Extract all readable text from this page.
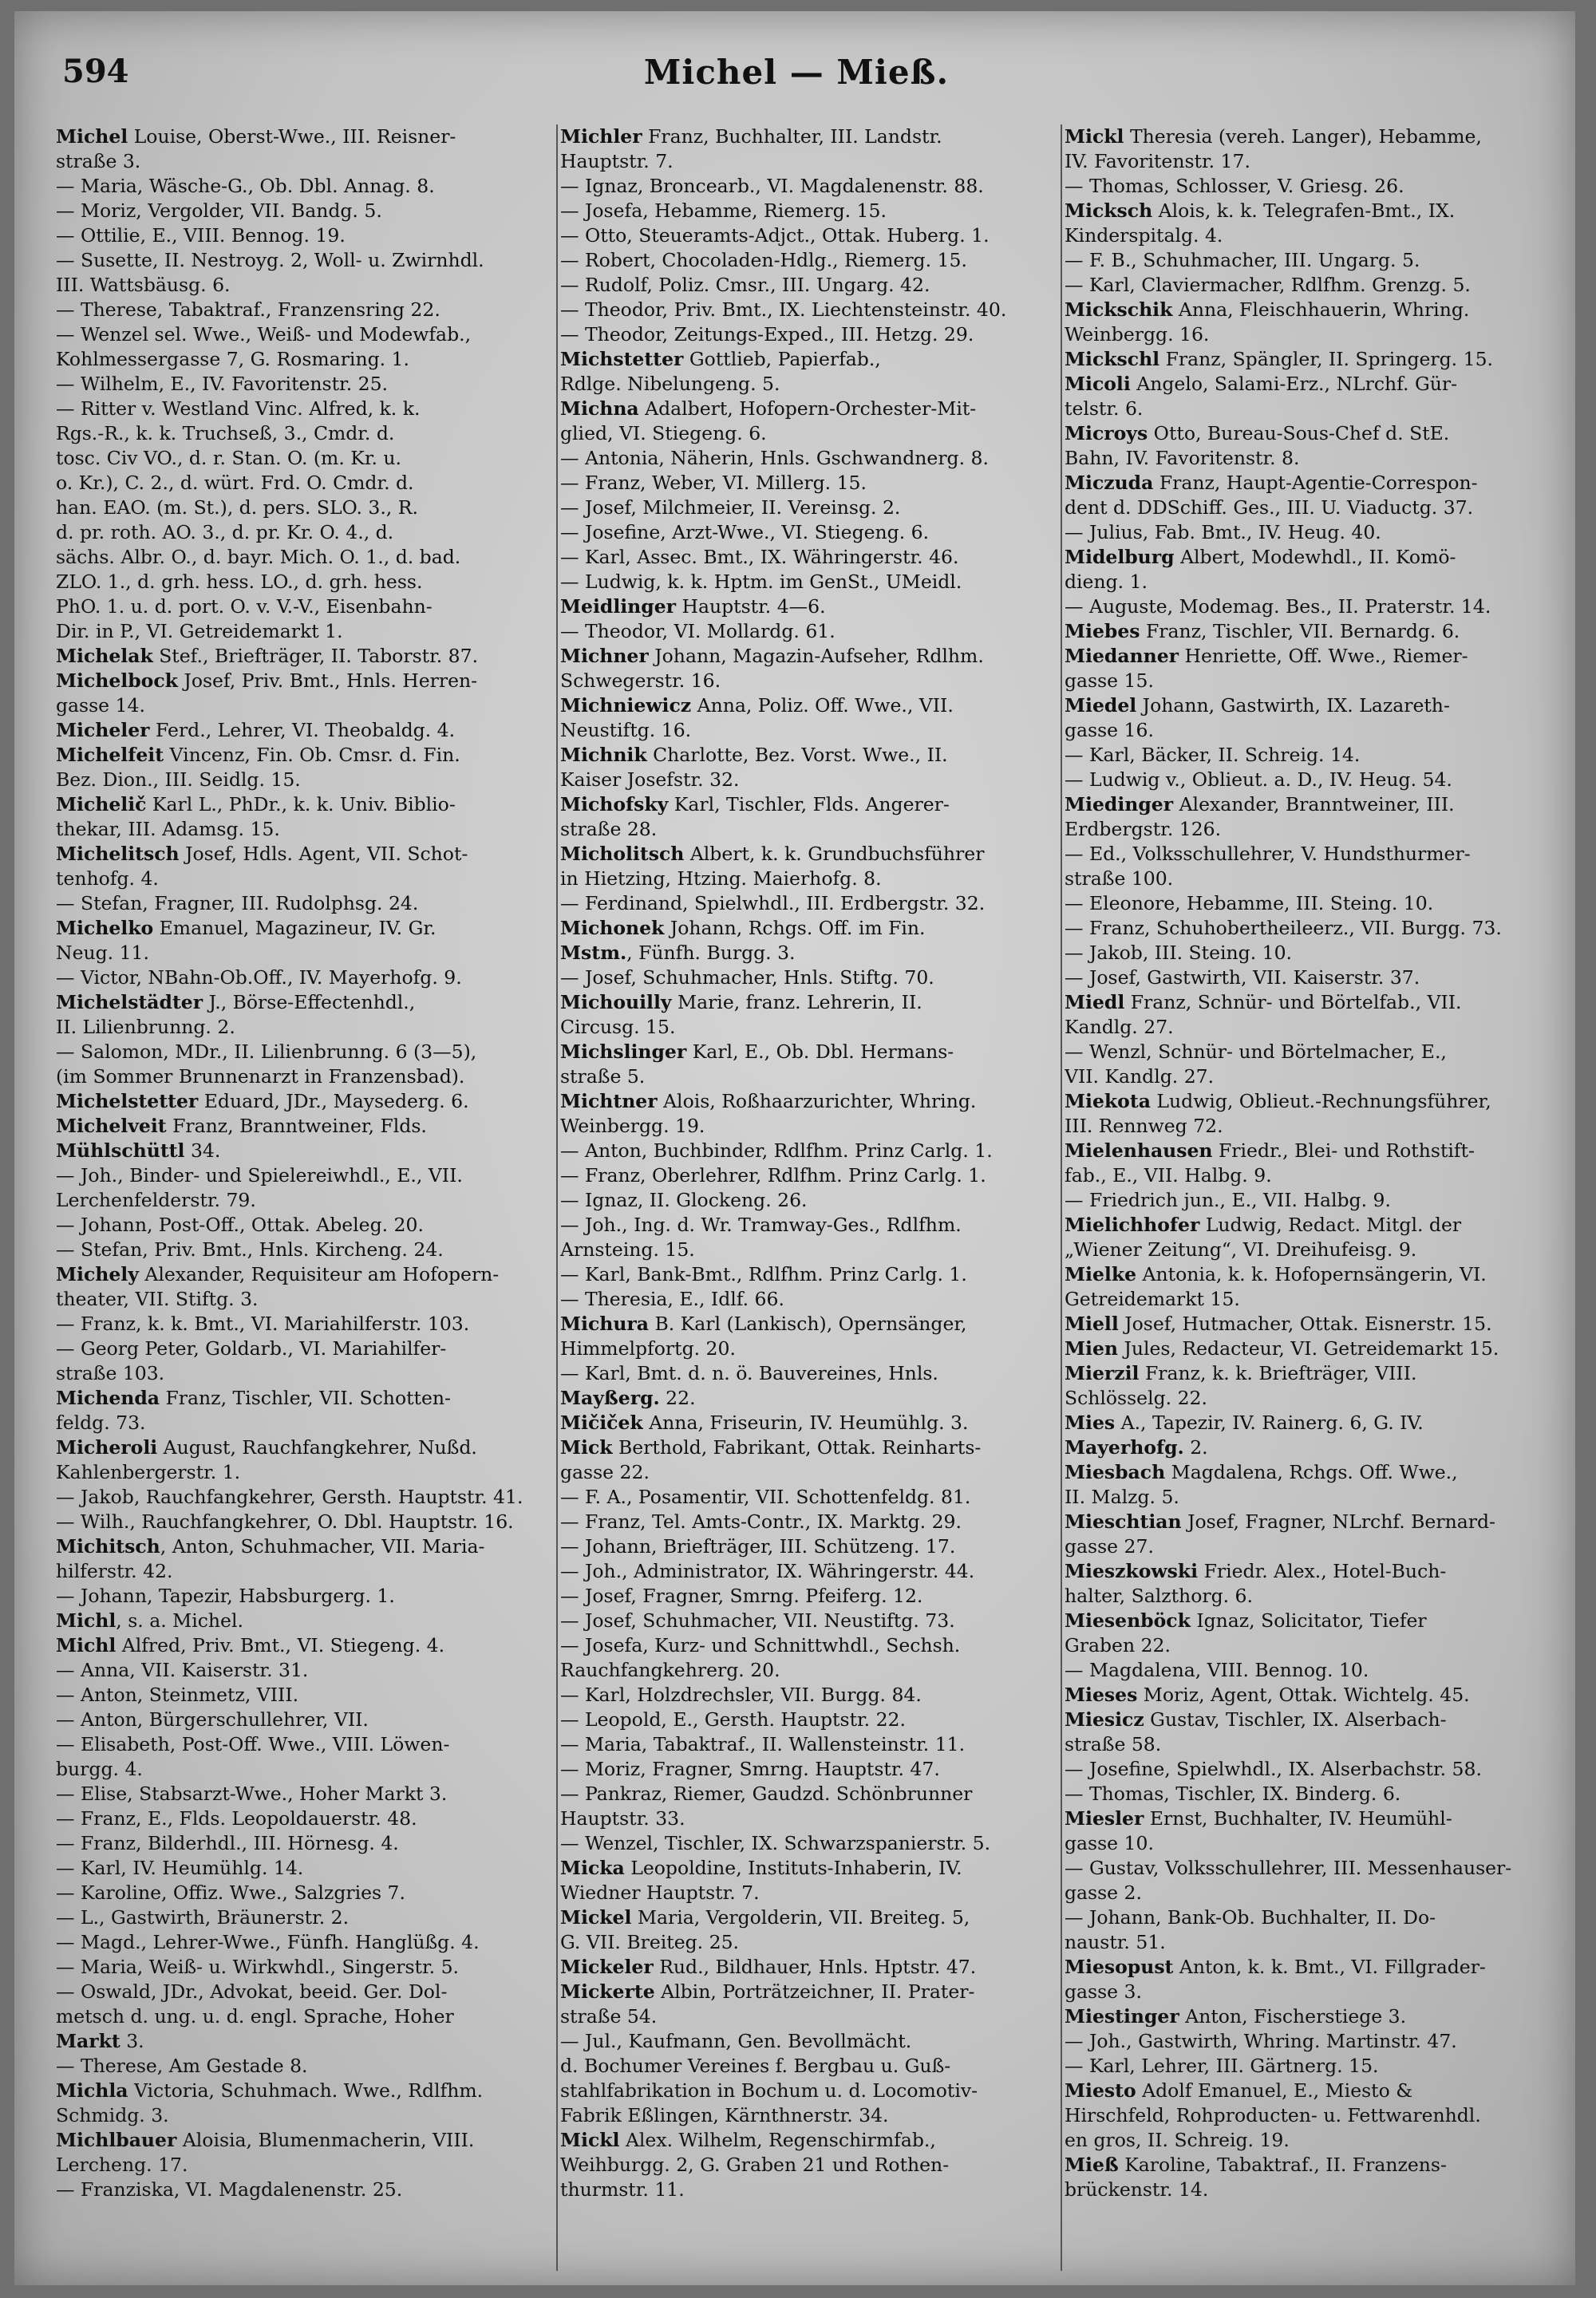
594	Michel — Mieß.

Michel Louise, Oberst-Wwe., III. Reisner-

straße 3.

— Maria, Wäsche-G., Ob. Dbl. Annag. 8.

— Moriz, Vergolder, VII. Bandg. 5.

— Ottilie, E., VIII. Bennog. 19.

— Susette, II. Nestroyg. 2, Woll- u. Zwirnhdl.

III. Wattsbäusg. 6.

— Therese, Tabaktraf., Franzensring 22.

— Wenzel sel. Wwe., Weiß- und Modewfab.,

Kohlmessergasse 7, G. Rosmaring. 1.

— Wilhelm, E., IV. Favoritenstr. 25.

— Ritter v. Westland Vinc. Alfred, k. k.

Rgs.-R., k. k. Truchseß, 3., Cmdr. d.

tosc. Civ VO., d. r. Stan. O. (m. Kr. u.

o. Kr.), C. 2., d. würt. Frd. O. Cmdr. d.

han. EAO. (m. St.), d. pers. SLO. 3., R.

d. pr. roth. AO. 3., d. pr. Kr. O. 4., d.

sächs. Albr. O., d. bayr. Mich. O. 1., d. bad.

ZLO. 1., d. grh. hess. LO., d. grh. hess.

PhO. 1. u. d. port. O. v. V.-V., Eisenbahn-

Dir. in P., VI. Getreidemarkt 1.

Michelak Stef., Briefträger, II. Taborstr. 87.

Michelbock Josef, Priv. Bmt., Hnls. Herren-

gasse 14.

Micheler Ferd., Lehrer, VI. Theobaldg. 4.

Michelfeit Vincenz, Fin. Ob. Cmsr. d. Fin.

Bez. Dion., III. Seidlg. 15.

Michelič Karl L., PhDr., k. k. Univ. Biblio-

thekar, III. Adamsg. 15.

Michelitsch Josef, Hdls. Agent, VII. Schot-

tenhofg. 4.

— Stefan, Fragner, III. Rudolphsg. 24.

Michelko Emanuel, Magazineur, IV. Gr.

Neug. 11.

— Victor, NBahn-Ob.Off., IV. Mayerhofg. 9.

Michelstädter J., Börse-Effectenhdl.,

II. Lilienbrunng. 2.

— Salomon, MDr., II. Lilienbrunng. 6 (3—5),

(im Sommer Brunnenarzt in Franzensbad).

Michelstetter Eduard, JDr., Maysederg. 6.

Michelveit Franz, Branntweiner, Flds.

Mühlschüttl 34.

— Joh., Binder- und Spielereiwhdl., E., VII.

Lerchenfelderstr. 79.

— Johann, Post-Off., Ottak. Abeleg. 20.

— Stefan, Priv. Bmt., Hnls. Kircheng. 24.

Michely Alexander, Requisiteur am Hofopern-

theater, VII. Stiftg. 3.

— Franz, k. k. Bmt., VI. Mariahilferstr. 103.

— Georg Peter, Goldarb., VI. Mariahilfer-

straße 103.

Michenda Franz, Tischler, VII. Schotten-

feldg. 73.

Micheroli August, Rauchfangkehrer, Nußd.

Kahlenbergerstr. 1.

— Jakob, Rauchfangkehrer, Gersth. Hauptstr. 41.

— Wilh., Rauchfangkehrer, O. Dbl. Hauptstr. 16.

Michitsch, Anton, Schuhmacher, VII. Maria-

hilferstr. 42.

— Johann, Tapezir, Habsburgerg. 1.

Michl, s. a. Michel.

Michl Alfred, Priv. Bmt., VI. Stiegeng. 4.

— Anna, VII. Kaiserstr. 31.

— Anton, Steinmetz, VIII.

— Anton, Bürgerschullehrer, VII.

— Elisabeth, Post-Off. Wwe., VIII. Löwen-

burgg. 4.

— Elise, Stabsarzt-Wwe., Hoher Markt 3.

— Franz, E., Flds. Leopoldauerstr. 48.

— Franz, Bilderhdl., III. Hörnesg. 4.

— Karl, IV. Heumühlg. 14.

— Karoline, Offiz. Wwe., Salzgries 7.

— L., Gastwirth, Bräunerstr. 2.

— Magd., Lehrer-Wwe., Fünfh. Hanglüßg. 4.

— Maria, Weiß- u. Wirkwhdl., Singerstr. 5.

— Oswald, JDr., Advokat, beeid. Ger. Dol-

metsch d. ung. u. d. engl. Sprache, Hoher

Markt 3.

— Therese, Am Gestade 8.

Michla Victoria, Schuhmach. Wwe., Rdlfhm.

Schmidg. 3.

Michlbauer Aloisia, Blumenmacherin, VIII.

Lercheng. 17.

— Franziska, VI. Magdalenenstr. 25.

Michler Franz, Buchhalter, III. Landstr.

Hauptstr. 7.

— Ignaz, Broncearb., VI. Magdalenenstr. 88.

— Josefa, Hebamme, Riemerg. 15.

— Otto, Steueramts-Adjct., Ottak. Huberg. 1.

— Robert, Chocoladen-Hdlg., Riemerg. 15.

— Rudolf, Poliz. Cmsr., III. Ungarg. 42.

— Theodor, Priv. Bmt., IX. Liechtensteinstr. 40.

— Theodor, Zeitungs-Exped., III. Hetzg. 29.

Michstetter Gottlieb, Papierfab.,

Rdlge. Nibelungeng. 5.

Michna Adalbert, Hofopern-Orchester-Mit-

glied, VI. Stiegeng. 6.

— Antonia, Näherin, Hnls. Gschwandnerg. 8.

— Franz, Weber, VI. Millerg. 15.

— Josef, Milchmeier, II. Vereinsg. 2.

— Josefine, Arzt-Wwe., VI. Stiegeng. 6.

— Karl, Assec. Bmt., IX. Währingerstr. 46.

— Ludwig, k. k. Hptm. im GenSt., UMeidl.

Meidlinger Hauptstr. 4—6.

— Theodor, VI. Mollardg. 61.

Michner Johann, Magazin-Aufseher, Rdlhm.

Schwegerstr. 16.

Michniewicz Anna, Poliz. Off. Wwe., VII.

Neustiftg. 16.

Michnik Charlotte, Bez. Vorst. Wwe., II.

Kaiser Josefstr. 32.

Michofsky Karl, Tischler, Flds. Angerer-

straße 28.

Micholitsch Albert, k. k. Grundbuchsführer

in Hietzing, Htzing. Maierhofg. 8.

— Ferdinand, Spielwhdl., III. Erdbergstr. 32.

Michonek Johann, Rchgs. Off. im Fin.

Mstm., Fünfh. Burgg. 3.

— Josef, Schuhmacher, Hnls. Stiftg. 70.

Michouilly Marie, franz. Lehrerin, II.

Circusg. 15.

Michslinger Karl, E., Ob. Dbl. Hermans-

straße 5.

Michtner Alois, Roßhaarzurichter, Whring.

Weinbergg. 19.

— Anton, Buchbinder, Rdlfhm. Prinz Carlg. 1.

— Franz, Oberlehrer, Rdlfhm. Prinz Carlg. 1.

— Ignaz, II. Glockeng. 26.

— Joh., Ing. d. Wr. Tramway-Ges., Rdlfhm.

Arnsteing. 15.

— Karl, Bank-Bmt., Rdlfhm. Prinz Carlg. 1.

— Theresia, E., Idlf. 66.

Michura B. Karl (Lankisch), Opernsänger,

Himmelpfortg. 20.

— Karl, Bmt. d. n. ö. Bauvereines, Hnls.

Mayßerg. 22.

Mičiček Anna, Friseurin, IV. Heumühlg. 3.

Mick Berthold, Fabrikant, Ottak. Reinharts-

gasse 22.

— F. A., Posamentir, VII. Schottenfeldg. 81.

— Franz, Tel. Amts-Contr., IX. Marktg. 29.

— Johann, Briefträger, III. Schützeng. 17.

— Joh., Administrator, IX. Währingerstr. 44.

— Josef, Fragner, Smrng. Pfeiferg. 12.

— Josef, Schuhmacher, VII. Neustiftg. 73.

— Josefa, Kurz- und Schnittwhdl., Sechsh.

Rauchfangkehrerg. 20.

— Karl, Holzdrechsler, VII. Burgg. 84.

— Leopold, E., Gersth. Hauptstr. 22.

— Maria, Tabaktraf., II. Wallensteinstr. 11.

— Moriz, Fragner, Smrng. Hauptstr. 47.

— Pankraz, Riemer, Gaudzd. Schönbrunner

Hauptstr. 33.

— Wenzel, Tischler, IX. Schwarzspanierstr. 5.

Micka Leopoldine, Instituts-Inhaberin, IV.

Wiedner Hauptstr. 7.

Mickel Maria, Vergolderin, VII. Breiteg. 5,

G. VII. Breiteg. 25.

Mickeler Rud., Bildhauer, Hnls. Hptstr. 47.

Mickerte Albin, Porträtzeichner, II. Prater-

straße 54.

— Jul., Kaufmann, Gen. Bevollmächt.

d. Bochumer Vereines f. Bergbau u. Guß-

stahlfabrikation in Bochum u. d. Locomotiv-

Fabrik Eßlingen, Kärnthnerstr. 34.

Mickl Alex. Wilhelm, Regenschirmfab.,

Weihburgg. 2, G. Graben 21 und Rothen-

thurmstr. 11.

Mickl Theresia (vereh. Langer), Hebamme,

IV. Favoritenstr. 17.

— Thomas, Schlosser, V. Griesg. 26.

Micksch Alois, k. k. Telegrafen-Bmt., IX.

Kinderspitalg. 4.

— F. B., Schuhmacher, III. Ungarg. 5.

— Karl, Claviermacher, Rdlfhm. Grenzg. 5.

Mickschik Anna, Fleischhauerin, Whring.

Weinbergg. 16.

Mickschl Franz, Spängler, II. Springerg. 15.

Micoli Angelo, Salami-Erz., NLrchf. Gür-

telstr. 6.

Microys Otto, Bureau-Sous-Chef d. StE.

Bahn, IV. Favoritenstr. 8.

Miczuda Franz, Haupt-Agentie-Correspon-

dent d. DDSchiff. Ges., III. U. Viaductg. 37.

— Julius, Fab. Bmt., IV. Heug. 40.

Midelburg Albert, Modewhdl., II. Komö-

dieng. 1.

— Auguste, Modemag. Bes., II. Praterstr. 14.

Miebes Franz, Tischler, VII. Bernardg. 6.

Miedanner Henriette, Off. Wwe., Riemer-

gasse 15.

Miedel Johann, Gastwirth, IX. Lazareth-

gasse 16.

— Karl, Bäcker, II. Schreig. 14.

— Ludwig v., Oblieut. a. D., IV. Heug. 54.

Miedinger Alexander, Branntweiner, III.

Erdbergstr. 126.

— Ed., Volksschullehrer, V. Hundsthurmer-

straße 100.

— Eleonore, Hebamme, III. Steing. 10.

— Franz, Schuhobertheileerz., VII. Burgg. 73.

— Jakob, III. Steing. 10.

— Josef, Gastwirth, VII. Kaiserstr. 37.

Miedl Franz, Schnür- und Börtelfab., VII.

Kandlg. 27.

— Wenzl, Schnür- und Börtelmacher, E.,

VII. Kandlg. 27.

Miekota Ludwig, Oblieut.-Rechnungsführer,

III. Rennweg 72.

Mielenhausen Friedr., Blei- und Rothstift-

fab., E., VII. Halbg. 9.

— Friedrich jun., E., VII. Halbg. 9.

Mielichhofer Ludwig, Redact. Mitgl. der

„Wiener Zeitung“, VI. Dreihufeisg. 9.

Mielke Antonia, k. k. Hofopernsängerin, VI.

Getreidemarkt 15.

Miell Josef, Hutmacher, Ottak. Eisnerstr. 15.

Mien Jules, Redacteur, VI. Getreidemarkt 15.

Mierzil Franz, k. k. Briefträger, VIII.

Schlösselg. 22.

Mies A., Tapezir, IV. Rainerg. 6, G. IV.

Mayerhofg. 2.

Miesbach Magdalena, Rchgs. Off. Wwe.,

II. Malzg. 5.

Mieschtian Josef, Fragner, NLrchf. Bernard-

gasse 27.

Mieszkowski Friedr. Alex., Hotel-Buch-

halter, Salzthorg. 6.

Miesenböck Ignaz, Solicitator, Tiefer

Graben 22.

— Magdalena, VIII. Bennog. 10.

Mieses Moriz, Agent, Ottak. Wichtelg. 45.

Miesicz Gustav, Tischler, IX. Alserbach-

straße 58.

— Josefine, Spielwhdl., IX. Alserbachstr. 58.

— Thomas, Tischler, IX. Binderg. 6.

Miesler Ernst, Buchhalter, IV. Heumühl-

gasse 10.

— Gustav, Volksschullehrer, III. Messenhauser-

gasse 2.

— Johann, Bank-Ob. Buchhalter, II. Do-

naustr. 51.

Miesopust Anton, k. k. Bmt., VI. Fillgrader-

gasse 3.

Miestinger Anton, Fischerstiege 3.

— Joh., Gastwirth, Whring. Martinstr. 47.

— Karl, Lehrer, III. Gärtnerg. 15.

Miesto Adolf Emanuel, E., Miesto &

Hirschfeld, Rohproducten- u. Fettwarenhdl.

en gros, II. Schreig. 19.

Mieß Karoline, Tabaktraf., II. Franzens-

brückenstr. 14.
